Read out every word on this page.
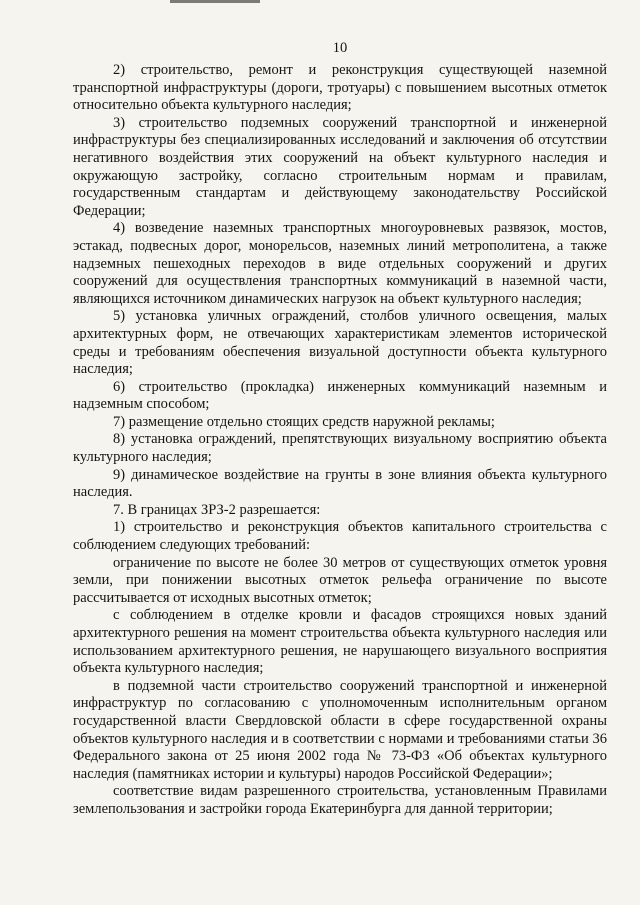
10

2) строительство, ремонт и реконструкция существующей наземной транспортной инфраструктуры (дороги, тротуары) с повышением высотных отметок относительно объекта культурного наследия;

3) строительство подземных сооружений транспортной и инженерной инфраструктуры без специализированных исследований и заключения об отсутствии негативного воздействия этих сооружений на объект культурного наследия и окружающую застройку, согласно строительным нормам и правилам, государственным стандартам и действующему законодательству Российской Федерации;

4) возведение наземных транспортных многоуровневых развязок, мостов, эстакад, подвесных дорог, монорельсов, наземных линий метрополитена, а также надземных пешеходных переходов в виде отдельных сооружений и других сооружений для осуществления транспортных коммуникаций в наземной части, являющихся источником динамических нагрузок на объект культурного наследия;

5) установка уличных ограждений, столбов уличного освещения, малых архитектурных форм, не отвечающих характеристикам элементов исторической среды и требованиям обеспечения визуальной доступности объекта культурного наследия;

6) строительство (прокладка) инженерных коммуникаций наземным и надземным способом;

7) размещение отдельно стоящих средств наружной рекламы;

8) установка ограждений, препятствующих визуальному восприятию объекта культурного наследия;

9) динамическое воздействие на грунты в зоне влияния объекта культурного наследия.

7. В границах ЗРЗ-2 разрешается:

1) строительство и реконструкция объектов капитального строительства с соблюдением следующих требований:

ограничение по высоте не более 30 метров от существующих отметок уровня земли, при понижении высотных отметок рельефа ограничение по высоте рассчитывается от исходных высотных отметок;

с соблюдением в отделке кровли и фасадов строящихся новых зданий архитектурного решения на момент строительства объекта культурного наследия или использованием архитектурного решения, не нарушающего визуального восприятия объекта культурного наследия;

в подземной части строительство сооружений транспортной и инженерной инфраструктур по согласованию с уполномоченным исполнительным органом государственной власти Свердловской области в сфере государственной охраны объектов культурного наследия и в соответствии с нормами и требованиями статьи 36 Федерального закона от 25 июня 2002 года № 73-ФЗ «Об объектах культурного наследия (памятниках истории и культуры) народов Российской Федерации»;

соответствие видам разрешенного строительства, установленным Правилами землепользования и застройки города Екатеринбурга для данной территории;
